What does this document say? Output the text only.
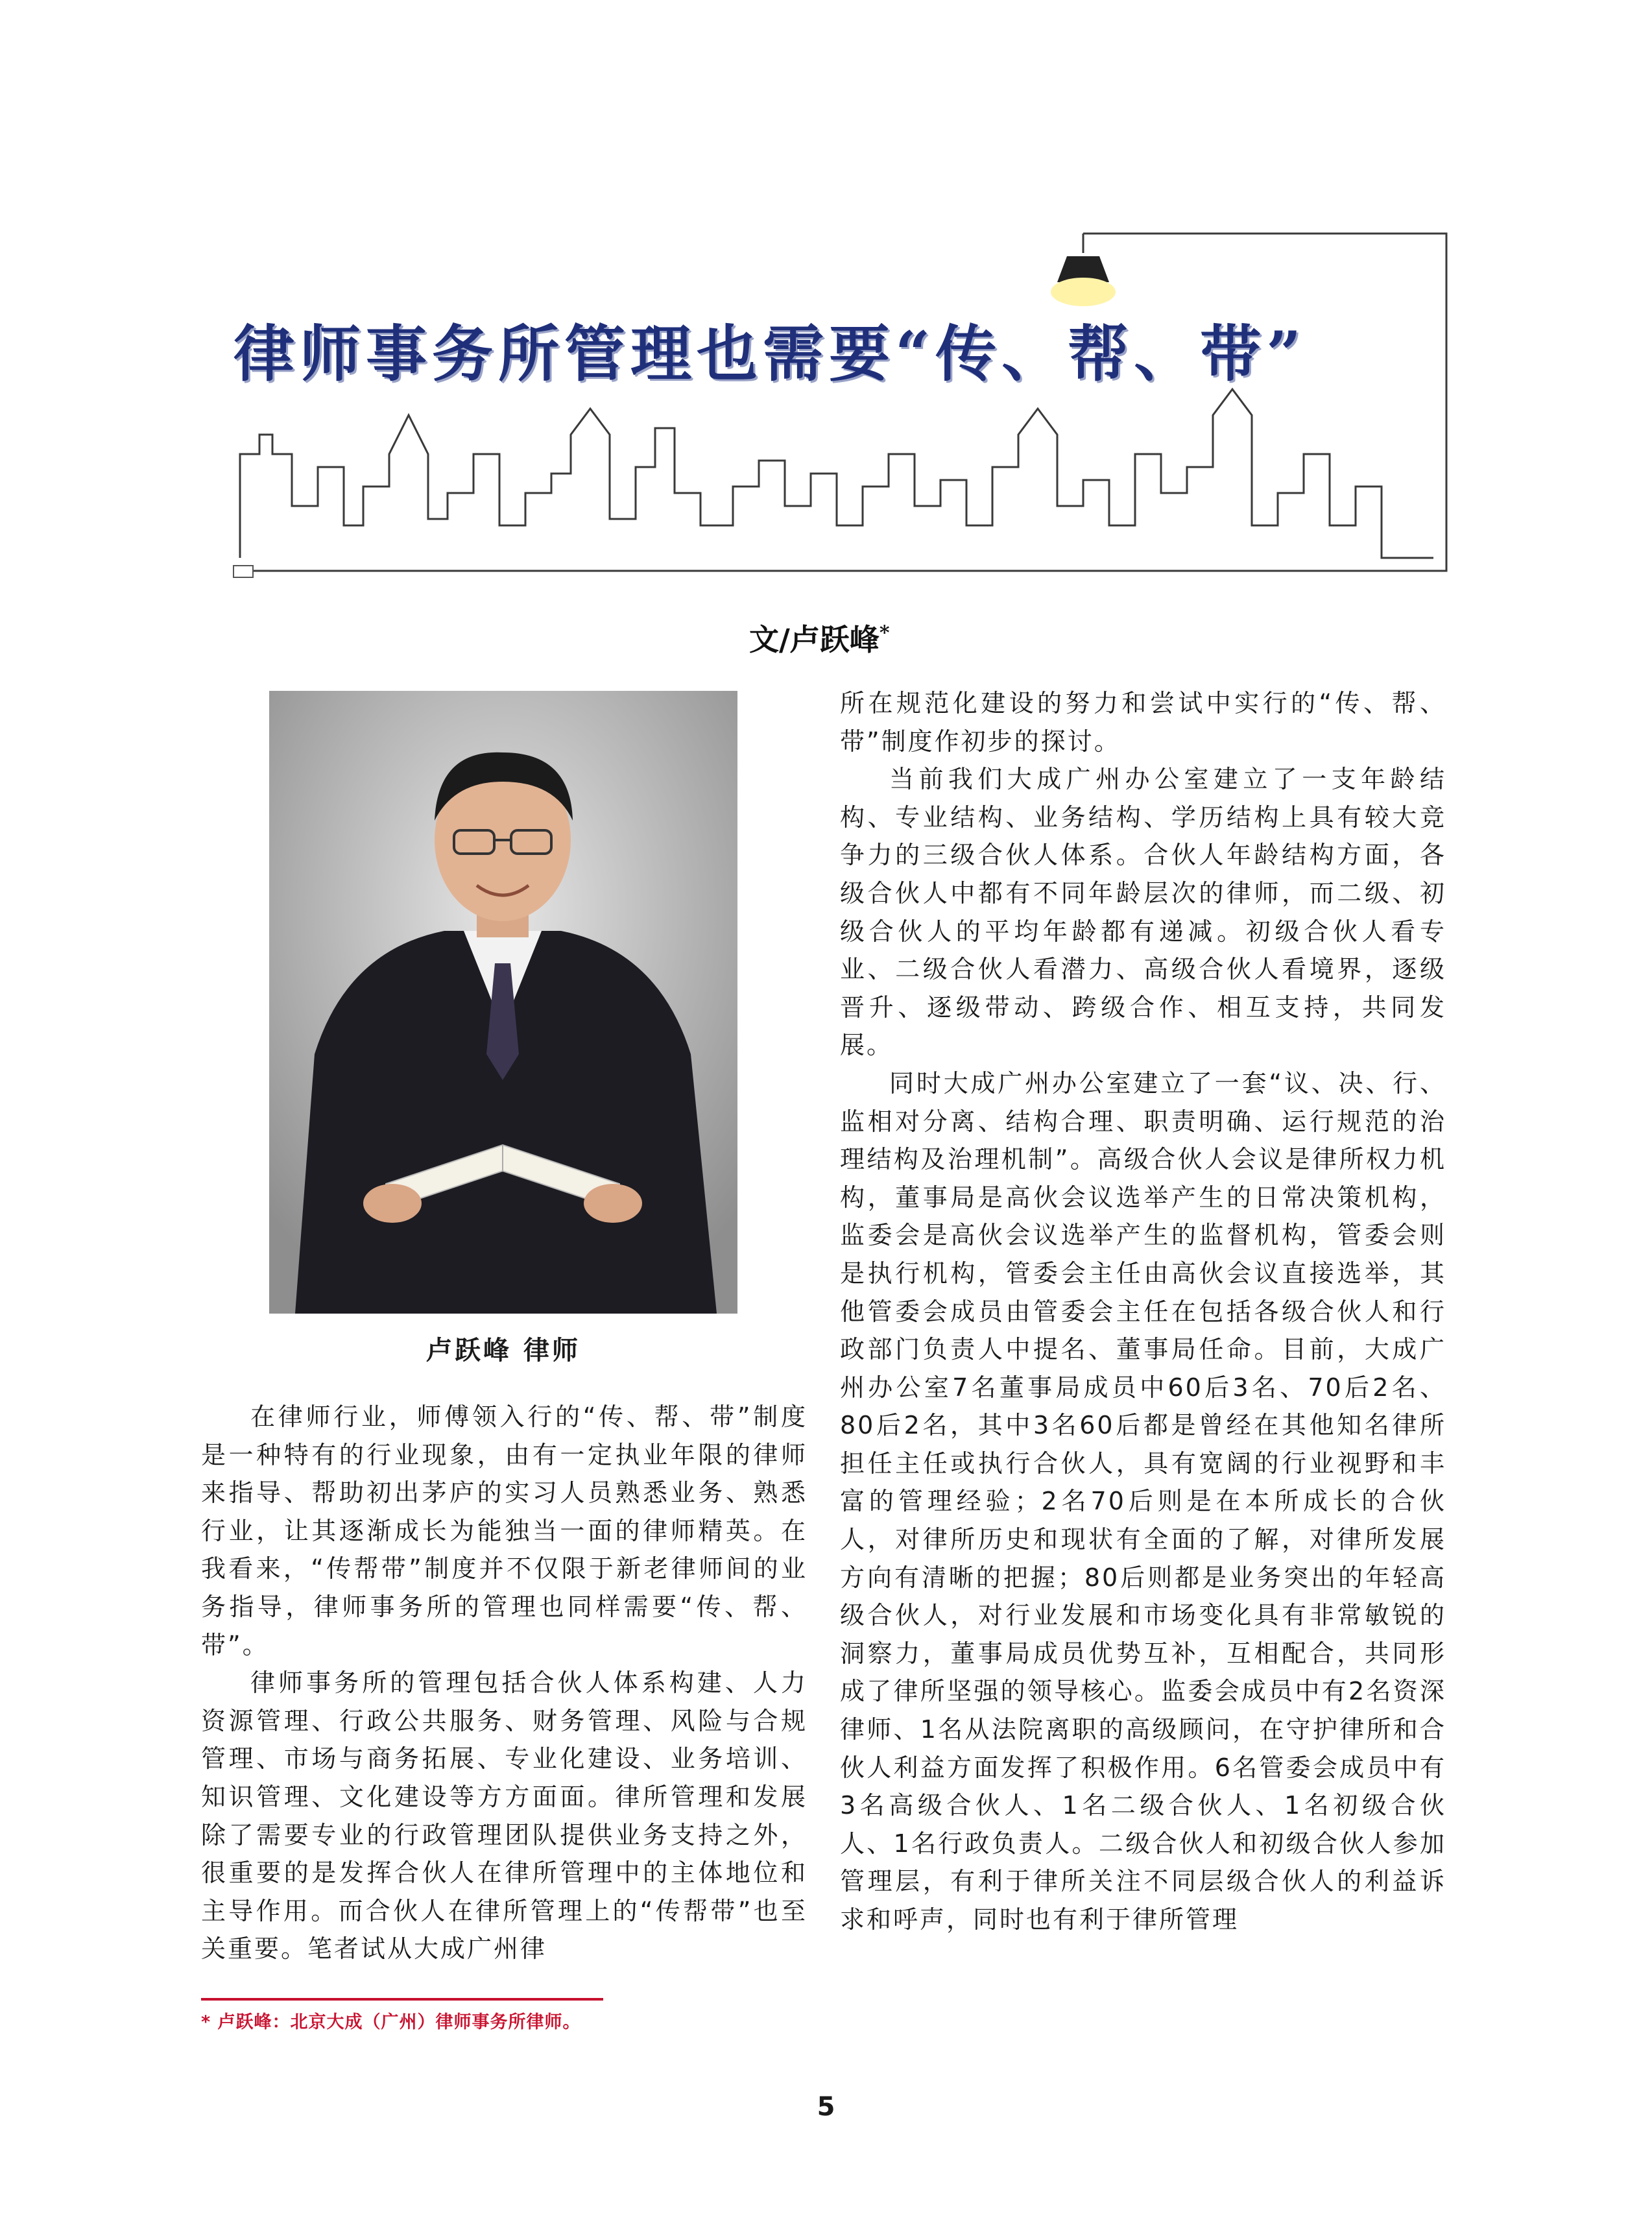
律师事务所管理也需要“传、帮、带”
文/卢跃峰*
卢跃峰 律师

在律师行业，师傅领入行的“传、帮、带”制度是一种特有的行业现象，由有一定执业年限的律师来指导、帮助初出茅庐的实习人员熟悉业务、熟悉行业，让其逐渐成长为能独当一面的律师精英。在我看来，“传帮带”制度并不仅限于新老律师间的业务指导，律师事务所的管理也同样需要“传、帮、带”。

律师事务所的管理包括合伙人体系构建、人力资源管理、行政公共服务、财务管理、风险与合规管理、市场与商务拓展、专业化建设、业务培训、知识管理、文化建设等方方面面。律所管理和发展除了需要专业的行政管理团队提供业务支持之外，很重要的是发挥合伙人在律所管理中的主体地位和主导作用。而合伙人在律所管理上的“传帮带”也至关重要。笔者试从大成广州律

所在规范化建设的努力和尝试中实行的“传、帮、带”制度作初步的探讨。

当前我们大成广州办公室建立了一支年龄结构、专业结构、业务结构、学历结构上具有较大竞争力的三级合伙人体系。合伙人年龄结构方面，各级合伙人中都有不同年龄层次的律师，而二级、初级合伙人的平均年龄都有递减。初级合伙人看专业、二级合伙人看潜力、高级合伙人看境界，逐级晋升、逐级带动、跨级合作、相互支持，共同发展。

同时大成广州办公室建立了一套“议、决、行、监相对分离、结构合理、职责明确、运行规范的治理结构及治理机制”。高级合伙人会议是律所权力机构，董事局是高伙会议选举产生的日常决策机构，监委会是高伙会议选举产生的监督机构，管委会则是执行机构，管委会主任由高伙会议直接选举，其他管委会成员由管委会主任在包括各级合伙人和行政部门负责人中提名、董事局任命。目前，大成广州办公室7名董事局成员中60后3名、70后2名、80后2名，其中3名60后都是曾经在其他知名律所担任主任或执行合伙人，具有宽阔的行业视野和丰富的管理经验；2名70后则是在本所成长的合伙人，对律所历史和现状有全面的了解，对律所发展方向有清晰的把握；80后则都是业务突出的年轻高级合伙人，对行业发展和市场变化具有非常敏锐的洞察力，董事局成员优势互补，互相配合，共同形成了律所坚强的领导核心。监委会成员中有2名资深律师、1名从法院离职的高级顾问，在守护律所和合伙人利益方面发挥了积极作用。6名管委会成员中有3名高级合伙人、1名二级合伙人、1名初级合伙人、1名行政负责人。二级合伙人和初级合伙人参加管理层，有利于律所关注不同层级合伙人的利益诉求和呼声，同时也有利于律所管理

* 卢跃峰：北京大成（广州）律师事务所律师。
5
